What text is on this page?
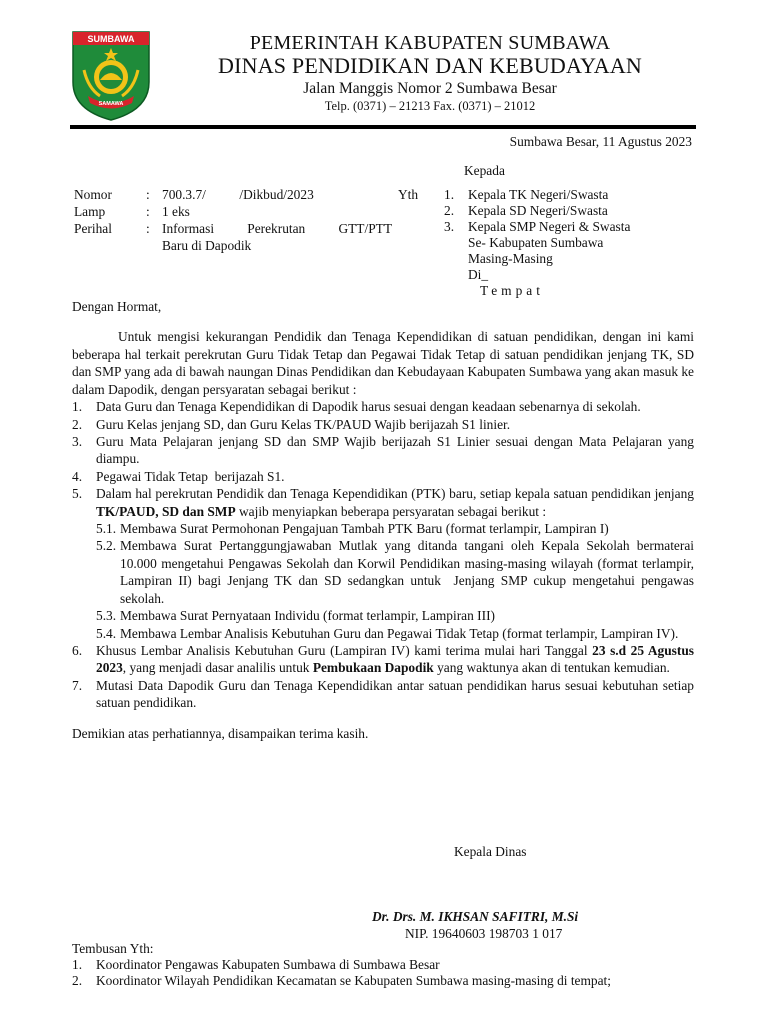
SUMBAWA
SAMAWA
PEMERINTAH KABUPATEN SUMBAWA
DINAS PENDIDIKAN DAN KEBUDAYAAN
Jalan Manggis Nomor 2 Sumbawa Besar
Telp. (0371) – 21213 Fax. (0371) – 21012
Sumbawa Besar, 11 Agustus 2023
Kepada
Nomor	: 700.3.7/          /Dikbud/2023
Lamp	: 1 eks
Perihal	: Informasi Perekrutan GTT/PTT
Baru di Dapodik
Yth 1.	Kepala TK Negeri/Swasta
2.	Kepala SD Negeri/Swasta
3.	Kepala SMP Negeri & Swasta
Se- Kabupaten Sumbawa
Masing-Masing
Di_
Tempat

Dengan Hormat,

Untuk mengisi kekurangan Pendidik dan Tenaga Kependidikan di satuan pendidikan, dengan ini kami beberapa hal terkait perekrutan Guru Tidak Tetap dan Pegawai Tidak Tetap di satuan pendidikan jenjang TK, SD dan SMP yang ada di bawah naungan Dinas Pendidikan dan Kebudayaan Kabupaten Sumbawa yang akan masuk ke dalam Dapodik, dengan persyaratan sebagai berikut :

1.	Data Guru dan Tenaga Kependidikan di Dapodik harus sesuai dengan keadaan sebenarnya di sekolah.
2.	Guru Kelas jenjang SD, dan Guru Kelas TK/PAUD Wajib berijazah S1 linier.
3.	Guru Mata Pelajaran jenjang SD dan SMP Wajib berijazah S1 Linier sesuai dengan Mata Pelajaran yang diampu.
4.	Pegawai Tidak Tetap  berijazah S1.
5.	Dalam hal perekrutan Pendidik dan Tenaga Kependidikan (PTK) baru, setiap kepala satuan pendidikan jenjang TK/PAUD, SD dan SMP wajib menyiapkan beberapa persyaratan sebagai berikut :
5.1. Membawa Surat Permohonan Pengajuan Tambah PTK Baru (format terlampir, Lampiran I)
5.2. Membawa Surat Pertanggungjawaban Mutlak yang ditanda tangani oleh Kepala Sekolah bermaterai 10.000 mengetahui Pengawas Sekolah dan Korwil Pendidikan masing-masing wilayah (format terlampir, Lampiran II) bagi Jenjang TK dan SD sedangkan untuk  Jenjang SMP cukup mengetahui pengawas sekolah.
5.3. Membawa Surat Pernyataan Individu (format terlampir, Lampiran III)
5.4. Membawa Lembar Analisis Kebutuhan Guru dan Pegawai Tidak Tetap (format terlampir, Lampiran IV).
6.	Khusus Lembar Analisis Kebutuhan Guru (Lampiran IV) kami terima mulai hari Tanggal 23 s.d 25 Agustus 2023, yang menjadi dasar analilis untuk Pembukaan Dapodik yang waktunya akan di tentukan kemudian.
7.	Mutasi Data Dapodik Guru dan Tenaga Kependidikan antar satuan pendidikan harus sesuai kebutuhan setiap satuan pendidikan.

Demikian atas perhatiannya, disampaikan terima kasih.

Kepala Dinas
Dr. Drs. M. IKHSAN SAFITRI, M.Si
NIP. 19640603 198703 1 017
Tembusan Yth:
1.	Koordinator Pengawas Kabupaten Sumbawa di Sumbawa Besar
2.	Koordinator Wilayah Pendidikan Kecamatan se Kabupaten Sumbawa masing-masing di tempat;
